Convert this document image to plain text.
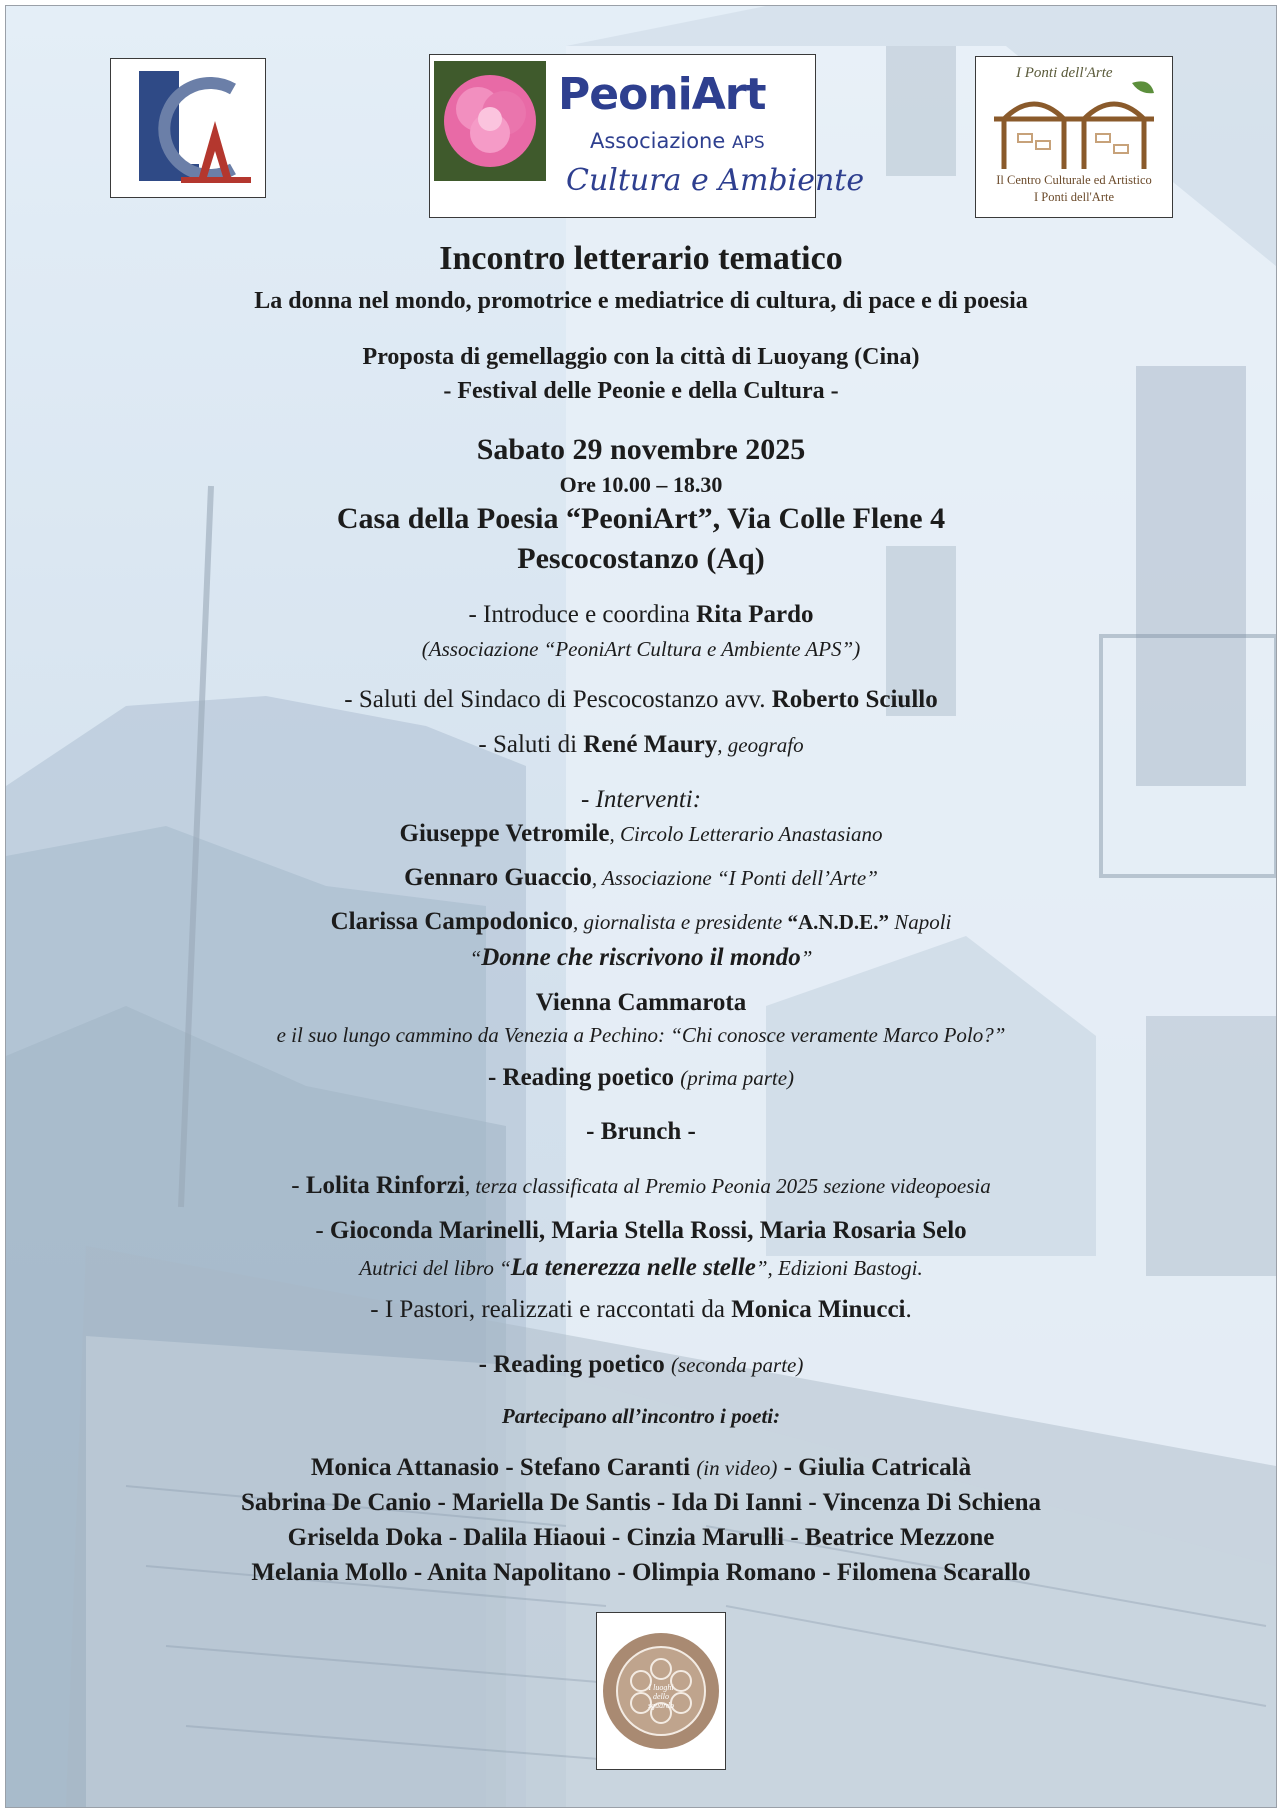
PeoniArt
Associazione APS
Cultura e Ambiente
I Ponti dell'Arte
Il Centro Culturale ed Artistico
I Ponti dell'Arte
Incontro letterario tematico
La donna nel mondo, promotrice e mediatrice di cultura, di pace e di poesia
Proposta di gemellaggio con la città di Luoyang (Cina)
- Festival delle Peonie e della Cultura -
Sabato 29 novembre 2025
Ore 10.00 – 18.30
Casa della Poesia “PeoniArt”, Via Colle Flene 4
Pescocostanzo (Aq)
- Introduce e coordina Rita Pardo
(Associazione “PeoniArt Cultura e Ambiente APS”)
- Saluti del Sindaco di Pescocostanzo avv. Roberto Sciullo
- Saluti di René Maury, geografo
- Interventi:
Giuseppe Vetromile, Circolo Letterario Anastasiano
Gennaro Guaccio, Associazione “I Ponti dell’Arte”
Clarissa Campodonico, giornalista e presidente “A.N.D.E.” Napoli
“Donne che riscrivono il mondo”
Vienna Cammarota
e il suo lungo cammino da Venezia a Pechino: “Chi conosce veramente Marco Polo?”
- Reading poetico (prima parte)
- Brunch -
- Lolita Rinforzi, terza classificata al Premio Peonia 2025 sezione videopoesia
- Gioconda Marinelli, Maria Stella Rossi, Maria Rosaria Selo
Autrici del libro “La tenerezza nelle stelle”, Edizioni Bastogi.
- I Pastori, realizzati e raccontati da Monica Minucci.
- Reading poetico (seconda parte)
Partecipano all’incontro i poeti:
Monica Attanasio - Stefano Caranti (in video) - Giulia Catricalà
Sabrina De Canio - Mariella De Santis - Ida Di Ianni - Vincenza Di Schiena
Griselda Doka - Dalila Hiaoui - Cinzia Marulli - Beatrice Mezzone
Melania Mollo - Anita Napolitano - Olimpia Romano - Filomena Scarallo
I luoghi dello sguardo
